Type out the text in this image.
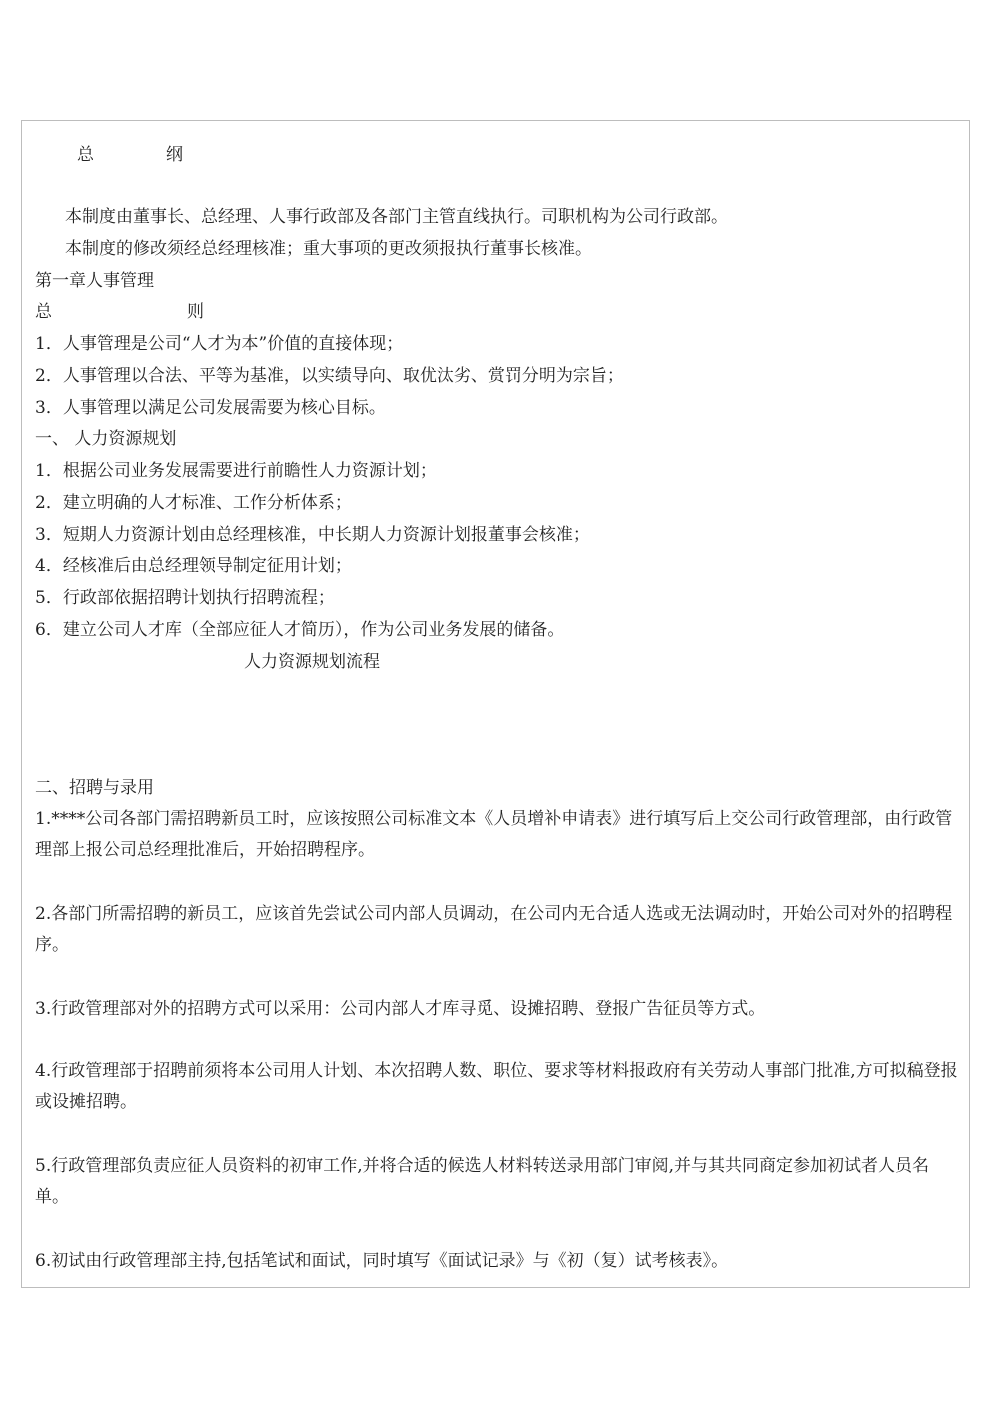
总	纲
本制度由董事长、总经理、人事行政部及各部门主管直线执行。司职机构为公司行政部。
本制度的修改须经总经理核准；重大事项的更改须报执行董事长核准。
第一章人事管理
总	则
1．人事管理是公司“人才为本”价值的直接体现；
2．人事管理以合法、平等为基准，以实绩导向、取优汰劣、赏罚分明为宗旨；
3．人事管理以满足公司发展需要为核心目标。
一、 人力资源规划
1．根据公司业务发展需要进行前瞻性人力资源计划；
2．建立明确的人才标准、工作分析体系；
3．短期人力资源计划由总经理核准，中长期人力资源计划报董事会核准；
4．经核准后由总经理领导制定征用计划；
5．行政部依据招聘计划执行招聘流程；
6．建立公司人才库（全部应征人才简历），作为公司业务发展的储备。
人力资源规划流程
二、招聘与录用
1.****公司各部门需招聘新员工时，应该按照公司标准文本《人员增补申请表》进行填写后上交公司行政管理部，由行政管理部上报公司总经理批准后，开始招聘程序。
2.各部门所需招聘的新员工，应该首先尝试公司内部人员调动，在公司内无合适人选或无法调动时，开始公司对外的招聘程序。
3.行政管理部对外的招聘方式可以采用：公司内部人才库寻觅、设摊招聘、登报广告征员等方式。
4.行政管理部于招聘前须将本公司用人计划、本次招聘人数、职位、要求等材料报政府有关劳动人事部门批准,方可拟稿登报或设摊招聘。
5.行政管理部负责应征人员资料的初审工作,并将合适的候选人材料转送录用部门审阅,并与其共同商定参加初试者人员名单。
6.初试由行政管理部主持,包括笔试和面试，同时填写《面试记录》与《初（复）试考核表》。
